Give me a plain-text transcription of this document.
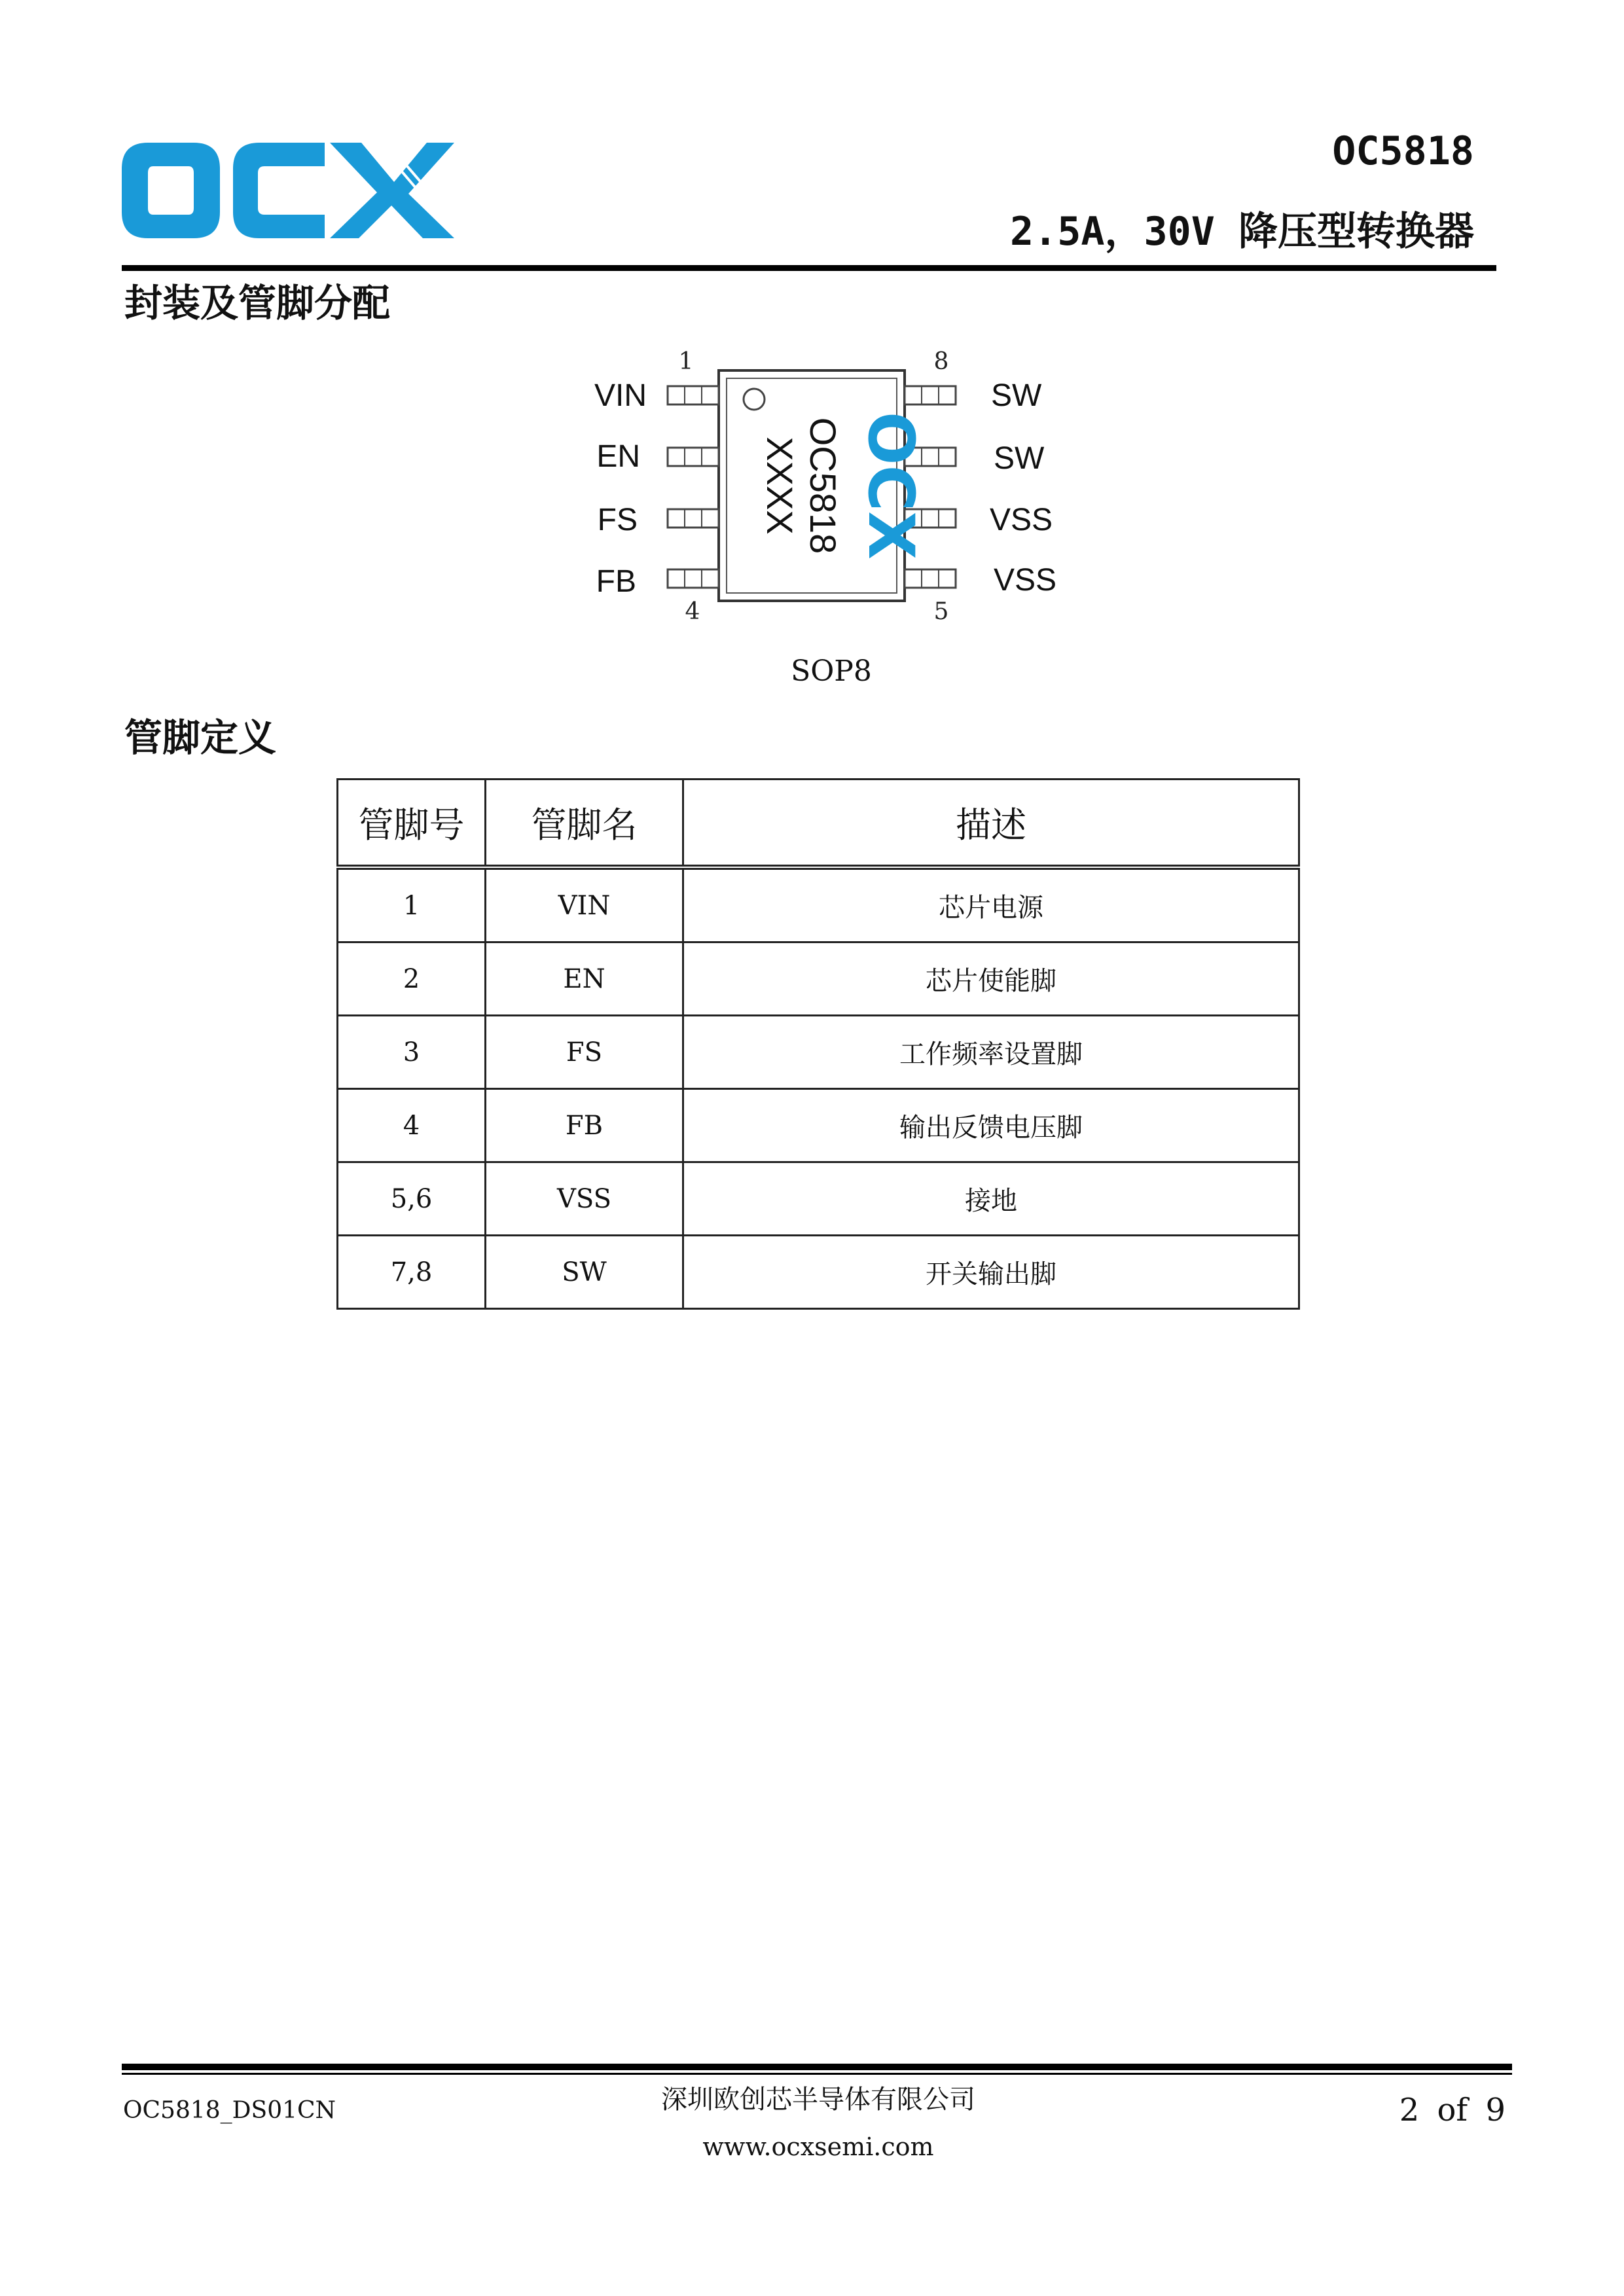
OC5818
2.5A，30V 降压型转换器
封装及管脚分配
1
4
8
5
VIN
EN
FS
FB
SW
SW
VSS
VSS
OCX
OC5818
XXXX
SOP8
管脚定义
管脚号	管脚名	描述
1	VIN	芯片电源
2	EN	芯片使能脚
3	FS	工作频率设置脚
4	FB	输出反馈电压脚
5,6	VSS	接地
7,8	SW	开关输出脚
OC5818_DS01CN	深圳欧创芯半导体有限公司
www.ocxsemi.com
2 of 9
